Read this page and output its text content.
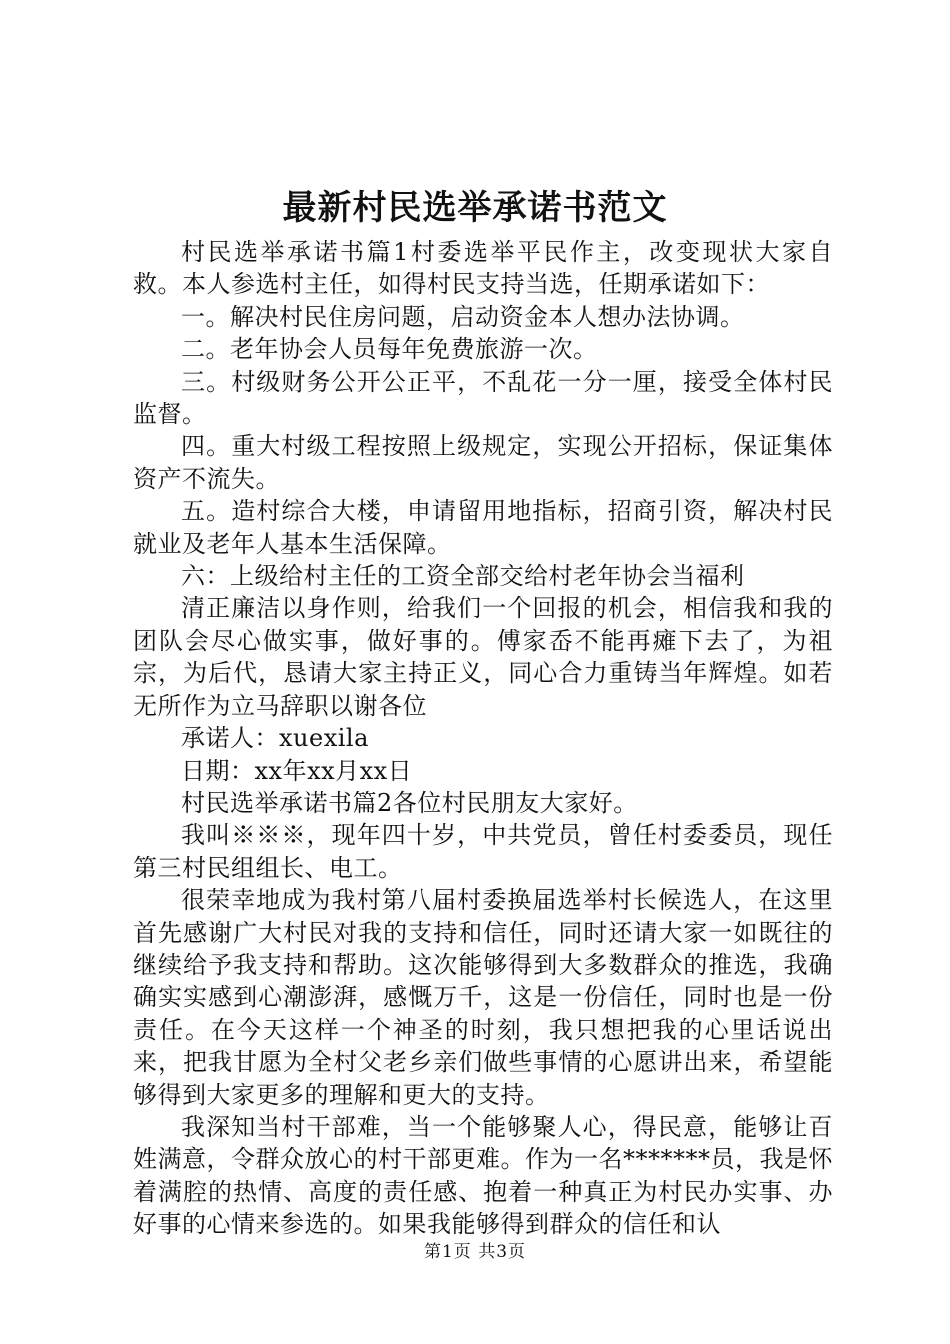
最新村民选举承诺书范文

村民选举承诺书篇1村委选举平民作主，改变现状大家自救。本人参选村主任，如得村民支持当选，任期承诺如下：

一。解决村民住房问题，启动资金本人想办法协调。

二。老年协会人员每年免费旅游一次。

三。村级财务公开公正平，不乱花一分一厘，接受全体村民监督。

四。重大村级工程按照上级规定，实现公开招标，保证集体资产不流失。

五。造村综合大楼，申请留用地指标，招商引资，解决村民就业及老年人基本生活保障。

六：上级给村主任的工资全部交给村老年协会当福利

清正廉洁以身作则，给我们一个回报的机会，相信我和我的团队会尽心做实事，做好事的。傅家岙不能再瘫下去了，为祖宗，为后代，恳请大家主持正义，同心合力重铸当年辉煌。如若无所作为立马辞职以谢各位

承诺人：xuexila

日期：xx年xx月xx日

村民选举承诺书篇2各位村民朋友大家好。

我叫※※※，现年四十岁，中共党员，曾任村委委员，现任第三村民组组长、电工。

很荣幸地成为我村第八届村委换届选举村长候选人，在这里首先感谢广大村民对我的支持和信任，同时还请大家一如既往的继续给予我支持和帮助。这次能够得到大多数群众的推选，我确确实实感到心潮澎湃，感慨万千，这是一份信任，同时也是一份责任。在今天这样一个神圣的时刻，我只想把我的心里话说出来，把我甘愿为全村父老乡亲们做些事情的心愿讲出来，希望能够得到大家更多的理解和更大的支持。

我深知当村干部难，当一个能够聚人心，得民意，能够让百姓满意，令群众放心的村干部更难。作为一名*******员，我是怀着满腔的热情、高度的责任感、抱着一种真正为村民办实事、办好事的心情来参选的。如果我能够得到群众的信任和认

第1页 共3页
